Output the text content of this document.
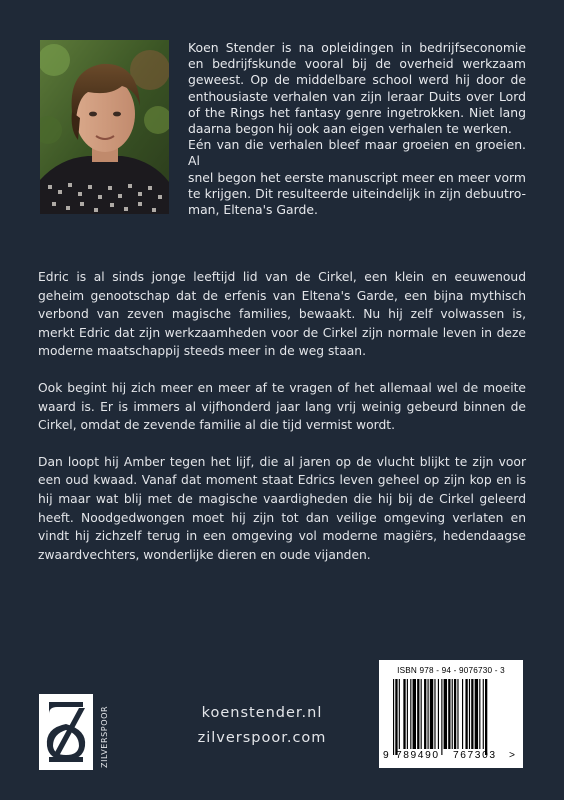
Koen Stender is na opleidingen in bedrijfseconomie

en bedrijfskunde vooral bij de overheid werkzaam

geweest. Op de middelbare school werd hij door de

enthousiaste verhalen van zijn leraar Duits over Lord

of the Rings het fantasy genre ingetrokken. Niet lang

daarna begon hij ook aan eigen verhalen te werken.

Eén van die verhalen bleef maar groeien en groeien. Al

snel begon het eerste manuscript meer en meer vorm

te krijgen. Dit resulteerde uiteindelijk in zijn debuutro-

man, Eltena's Garde.

Edric is al sinds jonge leeftijd lid van de Cirkel, een klein en eeuwenoud geheim genootschap dat de erfenis van Eltena's Garde, een bijna mythisch verbond van zeven magische families, bewaakt. Nu hij zelf volwassen is, merkt Edric dat zijn werkzaamheden voor de Cirkel zijn normale leven in deze moderne maatschappij steeds meer in de weg staan.

Ook begint hij zich meer en meer af te vragen of het allemaal wel de moeite waard is. Er is immers al vijfhonderd jaar lang vrij weinig gebeurd binnen de Cirkel, omdat de zevende familie al die tijd vermist wordt.

Dan loopt hij Amber tegen het lijf, die al jaren op de vlucht blijkt te zijn voor een oud kwaad. Vanaf dat moment staat Edrics leven geheel op zijn kop en is hij maar wat blij met de magische vaardigheden die hij bij de Cirkel geleerd heeft. Noodgedwongen moet hij zijn tot dan veilige omgeving verlaten en vindt hij zichzelf terug in een omgeving vol moderne magiërs, hedendaagse zwaardvechters, wonderlijke dieren en oude vijanden.

ZILVERSPOOR	koenstender.nl
zilverspoor.com
ISBN 978 - 94 - 9076730 - 3
9 789490 767303 >
